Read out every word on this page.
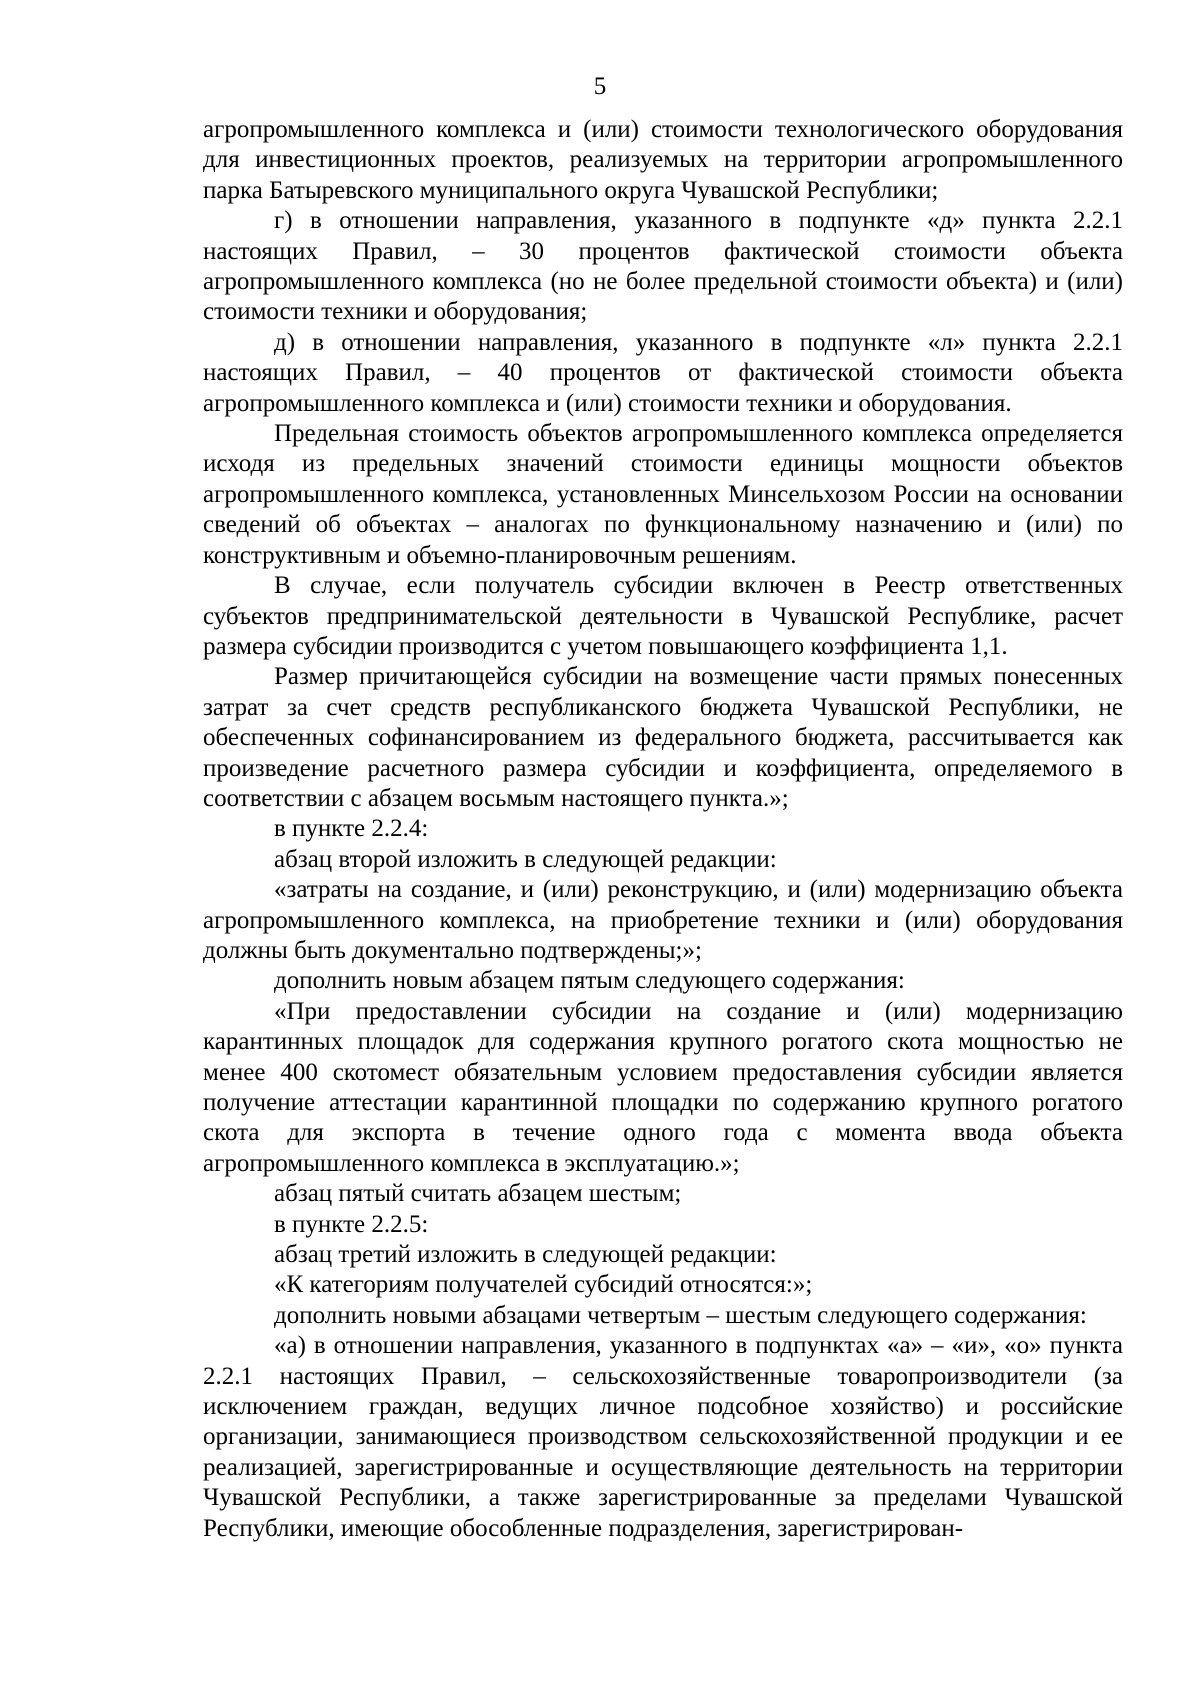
5

агропромышленного комплекса и (или) стоимости технологического оборудования для инвестиционных проектов, реализуемых на территории агропромышленного парка Батыревского муниципального округа Чувашской Республики;

г) в отношении направления, указанного в подпункте «д» пункта 2.2.1 настоящих Правил, – 30 процентов фактической стоимости объекта агропромышленного комплекса (но не более предельной стоимости объекта) и (или) стоимости техники и оборудования;

д) в отношении направления, указанного в подпункте «л» пункта 2.2.1 настоящих Правил, – 40 процентов от фактической стоимости объекта агропромышленного комплекса и (или) стоимости техники и оборудования.

Предельная стоимость объектов агропромышленного комплекса определяется исходя из предельных значений стоимости единицы мощности объектов агропромышленного комплекса, установленных Минсельхозом России на основании сведений об объектах – аналогах по функциональному назначению и (или) по конструктивным и объемно-планировочным решениям.

В случае, если получатель субсидии включен в Реестр ответственных субъектов предпринимательской деятельности в Чувашской Республике, расчет размера субсидии производится с учетом повышающего коэффициента 1,1.

Размер причитающейся субсидии на возмещение части прямых понесенных затрат за счет средств республиканского бюджета Чувашской Республики, не обеспеченных софинансированием из федерального бюджета, рассчитывается как произведение расчетного размера субсидии и коэффициента, определяемого в соответствии с абзацем восьмым настоящего пункта.»;

в пункте 2.2.4:

абзац второй изложить в следующей редакции:

«затраты на создание, и (или) реконструкцию, и (или) модернизацию объекта агропромышленного комплекса, на приобретение техники и (или) оборудования должны быть документально подтверждены;»;

дополнить новым абзацем пятым следующего содержания:

«При предоставлении субсидии на создание и (или) модернизацию карантинных площадок для содержания крупного рогатого скота мощностью не менее 400 скотомест обязательным условием предоставления субсидии является получение аттестации карантинной площадки по содержанию крупного рогатого скота для экспорта в течение одного года с момента ввода объекта агропромышленного комплекса в эксплуатацию.»;

абзац пятый считать абзацем шестым;

в пункте 2.2.5:

абзац третий изложить в следующей редакции:

«К категориям получателей субсидий относятся:»;

дополнить новыми абзацами четвертым – шестым следующего содержания:

«а) в отношении направления, указанного в подпунктах «а» – «и», «о» пункта 2.2.1 настоящих Правил, – сельскохозяйственные товаропроизводители (за исключением граждан, ведущих личное подсобное хозяйство) и российские организации, занимающиеся производством сельскохозяйственной продукции и ее реализацией, зарегистрированные и осуществляющие деятельность на территории Чувашской Республики, а также зарегистрированные за пределами Чувашской Республики, имеющие обособленные подразделения, зарегистрирован-
